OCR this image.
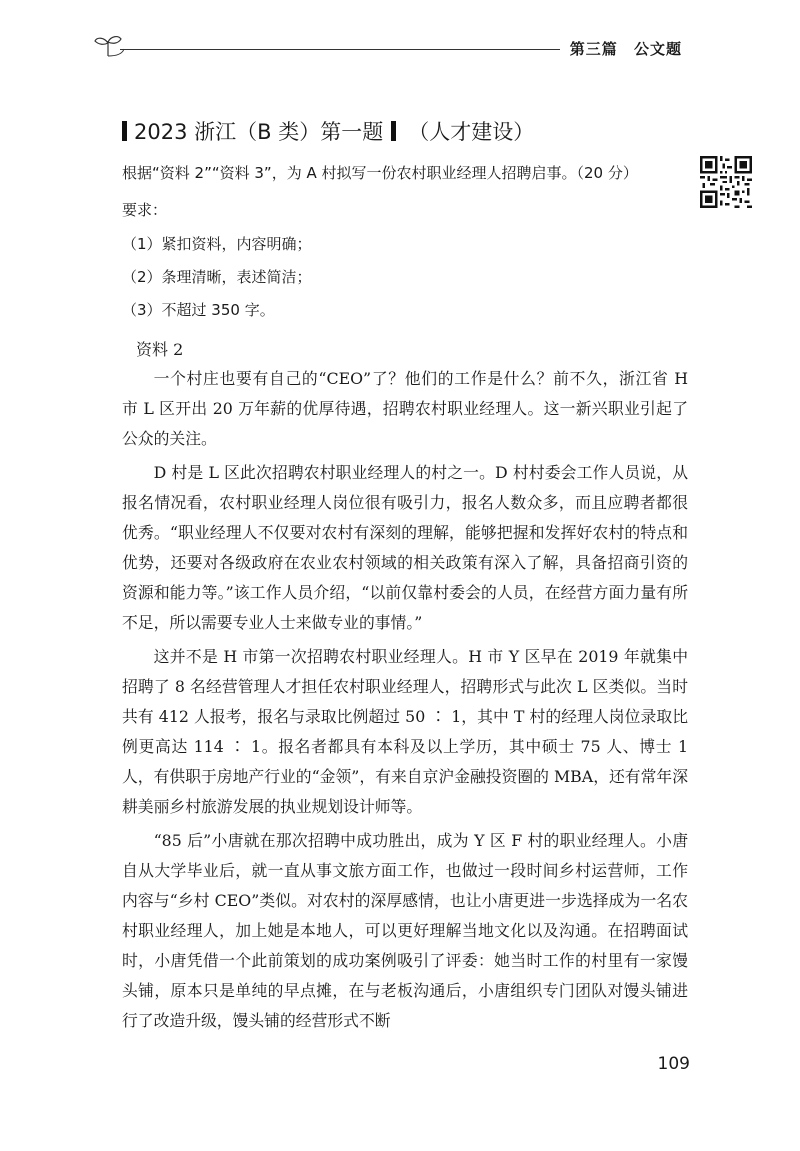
第三篇 公文题
2023 浙江（B 类）第一题 （人才建设）
根据“资料 2”“资料 3”，为 A 村拟写一份农村职业经理人招聘启事。（20 分）
要求：
（1）紧扣资料，内容明确；
（2）条理清晰，表述简洁；
（3）不超过 350 字。
资料 2

一个村庄也要有自己的“CEO”了？他们的工作是什么？前不久，浙江省 H 市 L 区开出 20 万年薪的优厚待遇，招聘农村职业经理人。这一新兴职业引起了公众的关注。

D 村是 L 区此次招聘农村职业经理人的村之一。D 村村委会工作人员说，从报名情况看，农村职业经理人岗位很有吸引力，报名人数众多，而且应聘者都很优秀。“职业经理人不仅要对农村有深刻的理解，能够把握和发挥好农村的特点和优势，还要对各级政府在农业农村领域的相关政策有深入了解，具备招商引资的资源和能力等。”该工作人员介绍，“以前仅靠村委会的人员，在经营方面力量有所不足，所以需要专业人士来做专业的事情。”

这并不是 H 市第一次招聘农村职业经理人。H 市 Y 区早在 2019 年就集中招聘了 8 名经营管理人才担任农村职业经理人，招聘形式与此次 L 区类似。当时共有 412 人报考，报名与录取比例超过 50 ∶ 1，其中 T 村的经理人岗位录取比例更高达 114 ∶ 1。报名者都具有本科及以上学历，其中硕士 75 人、博士 1 人，有供职于房地产行业的“金领”，有来自京沪金融投资圈的 MBA，还有常年深耕美丽乡村旅游发展的执业规划设计师等。

“85 后”小唐就在那次招聘中成功胜出，成为 Y 区 F 村的职业经理人。小唐自从大学毕业后，就一直从事文旅方面工作，也做过一段时间乡村运营师，工作内容与“乡村 CEO”类似。对农村的深厚感情，也让小唐更进一步选择成为一名农村职业经理人，加上她是本地人，可以更好理解当地文化以及沟通。在招聘面试时，小唐凭借一个此前策划的成功案例吸引了评委：她当时工作的村里有一家馒头铺，原本只是单纯的早点摊，在与老板沟通后，小唐组织专门团队对馒头铺进行了改造升级，馒头铺的经营形式不断

109
